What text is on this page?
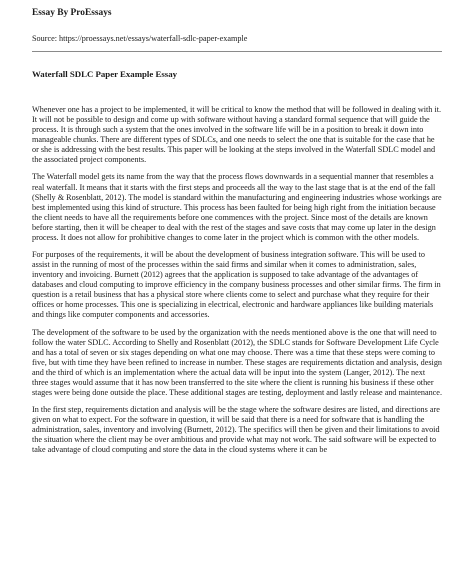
Essay By ProEssays
Source: https://proessays.net/essays/waterfall-sdlc-paper-example
Waterfall SDLC Paper Example Essay

Whenever one has a project to be implemented, it will be critical to know the method that will be followed in dealing with it. It will not be possible to design and come up with software without having a standard formal sequence that will guide the process. It is through such a system that the ones involved in the software life will be in a position to break it down into manageable chunks. There are different types of SDLCs, and one needs to select the one that is suitable for the case that he or she is addressing with the best results. This paper will be looking at the steps involved in the Waterfall SDLC model and the associated project components.

The Waterfall model gets its name from the way that the process flows downwards in a sequential manner that resembles a real waterfall. It means that it starts with the first steps and proceeds all the way to the last stage that is at the end of the fall (Shelly & Rosenblatt, 2012). The model is standard within the manufacturing and engineering industries whose workings are best implemented using this kind of structure. This process has been faulted for being high right from the initiation because the client needs to have all the requirements before one commences with the project. Since most of the details are known before starting, then it will be cheaper to deal with the rest of the stages and save costs that may come up later in the design process. It does not allow for prohibitive changes to come later in the project which is common with the other models.

For purposes of the requirements, it will be about the development of business integration software. This will be used to assist in the running of most of the processes within the said firms and similar when it comes to administration, sales, inventory and invoicing. Burnett (2012) agrees that the application is supposed to take advantage of the advantages of databases and cloud computing to improve efficiency in the company business processes and other similar firms. The firm in question is a retail business that has a physical store where clients come to select and purchase what they require for their offices or home processes. This one is specializing in electrical, electronic and hardware appliances like building materials and things like computer components and accessories.

The development of the software to be used by the organization with the needs mentioned above is the one that will need to follow the water SDLC. According to Shelly and Rosenblatt (2012), the SDLC stands for Software Development Life Cycle and has a total of seven or six stages depending on what one may choose. There was a time that these steps were coming to five, but with time they have been refined to increase in number. These stages are requirements dictation and analysis, design and the third of which is an implementation where the actual data will be input into the system (Langer, 2012). The next three stages would assume that it has now been transferred to the site where the client is running his business if these other stages were being done outside the place. These additional stages are testing, deployment and lastly release and maintenance.

In the first step, requirements dictation and analysis will be the stage where the software desires are listed, and directions are given on what to expect. For the software in question, it will be said that there is a need for software that is handling the administration, sales, inventory and involving (Burnett, 2012). The specifics will then be given and their limitations to avoid the situation where the client may be over ambitious and provide what may not work. The said software will be expected to take advantage of cloud computing and store the data in the cloud systems where it can be
